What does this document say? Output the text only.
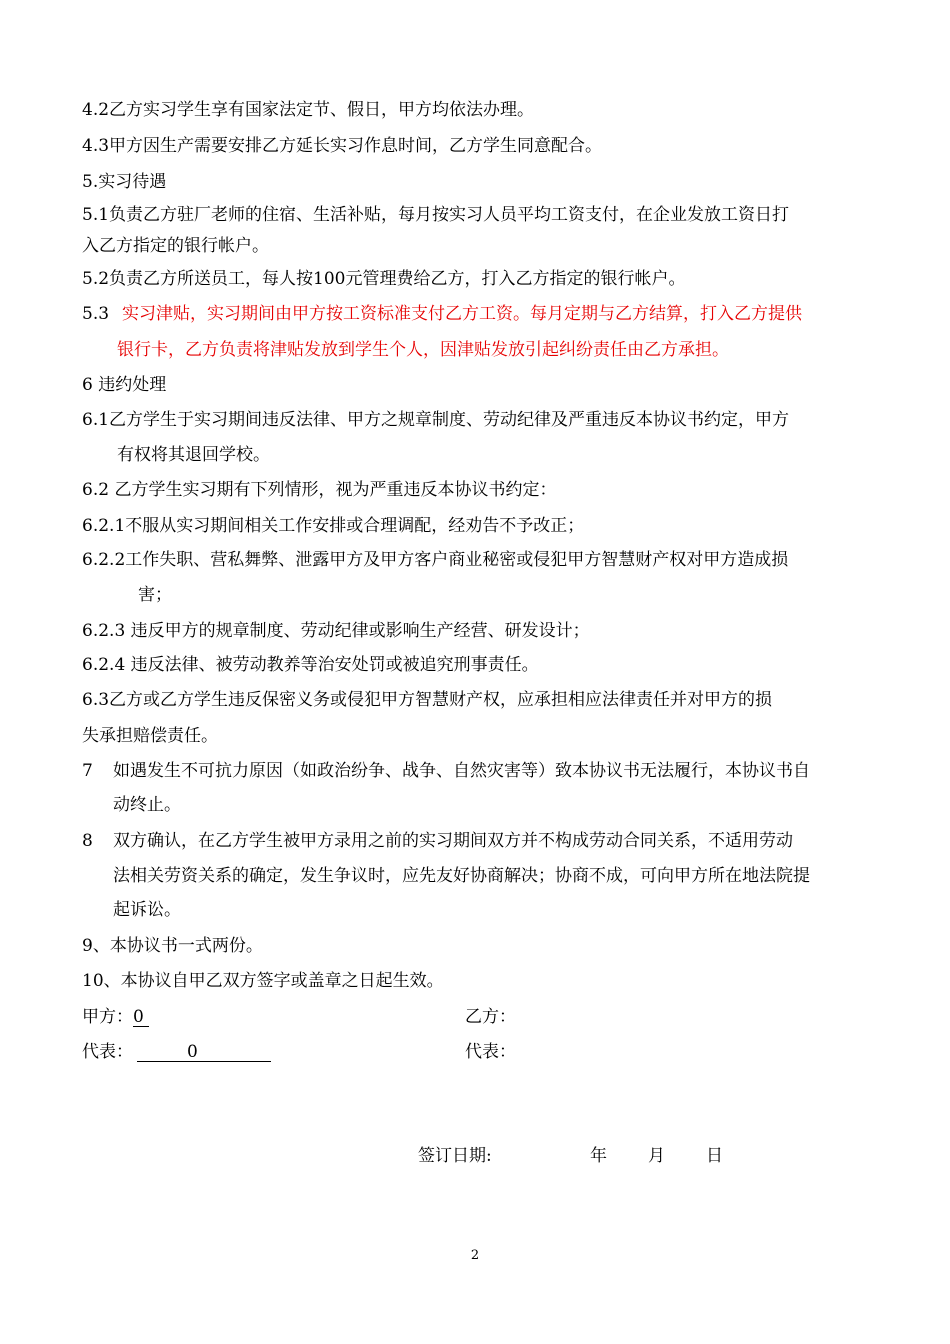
4.2乙方实习学生享有国家法定节、假日，甲方均依法办理。
4.3甲方因生产需要安排乙方延长实习作息时间，乙方学生同意配合。
5.实习待遇
5.1负责乙方驻厂老师的住宿、生活补贴，每月按实习人员平均工资支付，在企业发放工资日打
入乙方指定的银行帐户。
5.2负责乙方所送员工，每人按100元管理费给乙方，打入乙方指定的银行帐户。
5.3 实习津贴，实习期间由甲方按工资标准支付乙方工资。每月定期与乙方结算，打入乙方提供
银行卡，乙方负责将津贴发放到学生个人，因津贴发放引起纠纷责任由乙方承担。
6 违约处理
6.1乙方学生于实习期间违反法律、甲方之规章制度、劳动纪律及严重违反本协议书约定，甲方
有权将其退回学校。
6.2 乙方学生实习期有下列情形，视为严重违反本协议书约定：
6.2.1不服从实习期间相关工作安排或合理调配，经劝告不予改正；
6.2.2工作失职、营私舞弊、泄露甲方及甲方客户商业秘密或侵犯甲方智慧财产权对甲方造成损
害；
6.2.3 违反甲方的规章制度、劳动纪律或影响生产经营、研发设计；
6.2.4 违反法律、被劳动教养等治安处罚或被追究刑事责任。
6.3乙方或乙方学生违反保密义务或侵犯甲方智慧财产权，应承担相应法律责任并对甲方的损
失承担赔偿责任。
7 如遇发生不可抗力原因（如政治纷争、战争、自然灾害等）致本协议书无法履行，本协议书自
动终止。
8 双方确认，在乙方学生被甲方录用之前的实习期间双方并不构成劳动合同关系，不适用劳动
法相关劳资关系的确定，发生争议时，应先友好协商解决；协商不成，可向甲方所在地法院提
起诉讼。
9、本协议书一式两份。
10、本协议自甲乙双方签字或盖章之日起生效。
甲方：0	乙方：
代表：	0	代表：
签订日期:	年 月 日
2
